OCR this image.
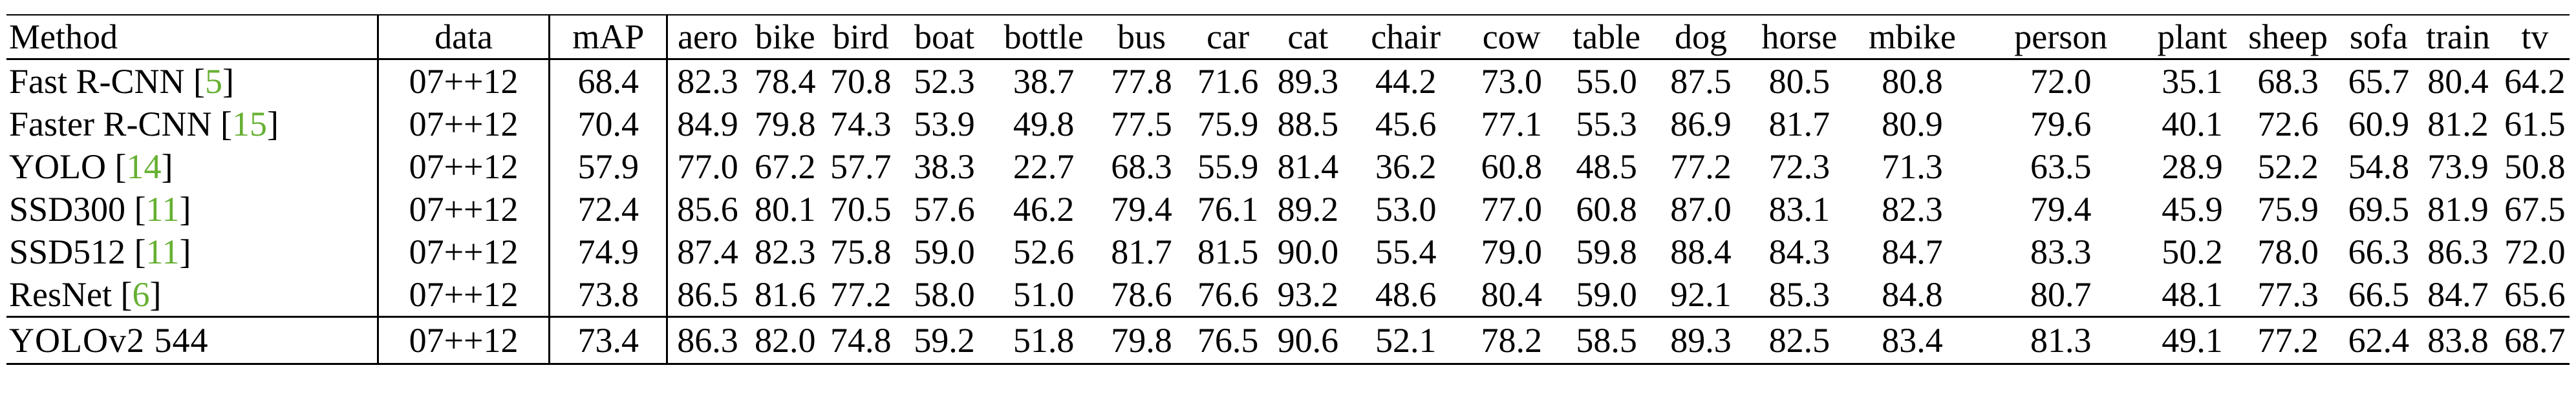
Method	data	mAP	aero	bike	bird	boat	bottle	bus	car	cat	chair	cow	table	dog	horse	mbike	person	plant	sheep	sofa	train	tv
Fast R-CNN [5]	07++12	68.4	82.3	78.4	70.8	52.3	38.7	77.8	71.6	89.3	44.2	73.0	55.0	87.5	80.5	80.8	72.0	35.1	68.3	65.7	80.4	64.2
Faster R-CNN [15]	07++12	70.4	84.9	79.8	74.3	53.9	49.8	77.5	75.9	88.5	45.6	77.1	55.3	86.9	81.7	80.9	79.6	40.1	72.6	60.9	81.2	61.5
YOLO [14]	07++12	57.9	77.0	67.2	57.7	38.3	22.7	68.3	55.9	81.4	36.2	60.8	48.5	77.2	72.3	71.3	63.5	28.9	52.2	54.8	73.9	50.8
SSD300 [11]	07++12	72.4	85.6	80.1	70.5	57.6	46.2	79.4	76.1	89.2	53.0	77.0	60.8	87.0	83.1	82.3	79.4	45.9	75.9	69.5	81.9	67.5
SSD512 [11]	07++12	74.9	87.4	82.3	75.8	59.0	52.6	81.7	81.5	90.0	55.4	79.0	59.8	88.4	84.3	84.7	83.3	50.2	78.0	66.3	86.3	72.0
ResNet [6]	07++12	73.8	86.5	81.6	77.2	58.0	51.0	78.6	76.6	93.2	48.6	80.4	59.0	92.1	85.3	84.8	80.7	48.1	77.3	66.5	84.7	65.6
YOLOv2 544	07++12	73.4	86.3	82.0	74.8	59.2	51.8	79.8	76.5	90.6	52.1	78.2	58.5	89.3	82.5	83.4	81.3	49.1	77.2	62.4	83.8	68.7
